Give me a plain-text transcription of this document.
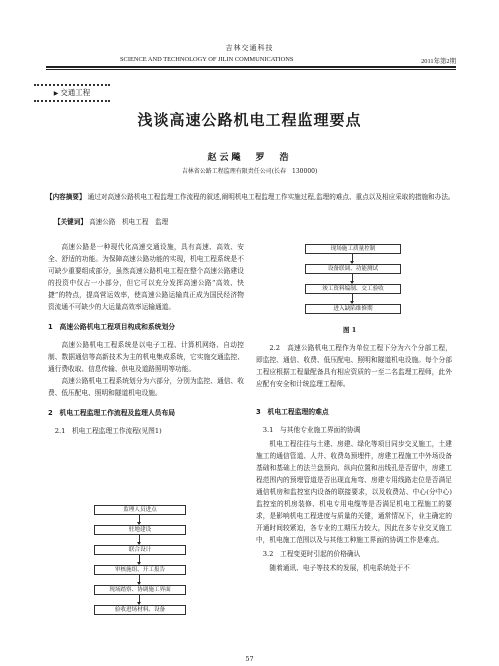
吉林交通科技
SCIENCE AND TECHNOLOGY OF JILIN COMMUNICATIONS	2011年第2期
▶ 交通工程
浅谈高速公路机电工程监理要点
赵云飚　罗　浩
吉林省公路工程监理有限责任公司(长春　130000)
【内容摘要】 通过对高速公路机电工程监理工作流程的叙述,阐明机电工程监理工作实施过程,监理的难点、重点以及相应采取的措施和办法。
【关键词】 高速公路　机电工程　监理

高速公路是一种现代化高速交通设施，具有高速、高效、安全、舒适的功能。为保障高速公路功能的实现，机电工程系统是不可缺少重要组成部分，虽然高速公路机电工程在整个高速公路建设的投资中仅占一小部分，但它可以充分发挥高速公路“高效、快捷”的特点，提高营运效率，使高速公路运输真正成为国民经济物资流通不可缺少的大运量高效率运输通道。

1　高速公路机电工程项目构成和系统划分

高速公路机电工程系统是以电子工程、计算机网络、自动控制、数据通信等高新技术为主的机电集成系统，它实施交通监控、通行费收取、信息传输、供电及道路照明等功能。

高速公路机电工程系统划分为六部分，分别为监控、通信、收费、低压配电、照明和隧道机电设施。

2　机电工程监理工作流程及监理人员布局
2.1　机电工程监理工作流程(见图1)
监理人员进点
驻地建设
联合设计
审核施组、开工报告
现场踏察、协调施工界面
验收进场材料、设备
现场施工质量控制
设备联调、功能测试
竣工资料编制、交工验收
进入缺陷维修期
图 1

2.2　高速公路机电工程作为单位工程下分为六个分部工程，即监控、通信、收费、低压配电、照明和隧道机电设施。每个分部工程应根据工程量配备具有相应资质的一至二名监理工程师，此外应配有安全和计统监理工程师。

3　机电工程监理的难点
3.1　与其他专业施工界面的协调

机电工程往往与土建、房建、绿化等项目同步交叉施工，土建施工的通信管道、人井、收费岛预埋件，房建工程施工中外场设备基础和基础上的法兰盘预向、纵向位置和出线孔是否留中，房建工程范围内的预埋管道是否出现直角弯、房建专用线路走位是否满足通信机房和监控室内设备的联接要求，以及收费站、中心(分中心)监控室的机房装修、机电专用电缆等是否满足机电工程施工的要求，是影响机电工程进度与质量的关键，通常情况下，业主确定的开通时间较紧迫，各专业的工期压力较大，因此在多专业交叉施工中，机电施工范围以及与其他工种施工界面的协调工作是难点。

3.2　工程变更时引起的价格确认

随着通讯、电子等技术的发展，机电系统处于不

57
